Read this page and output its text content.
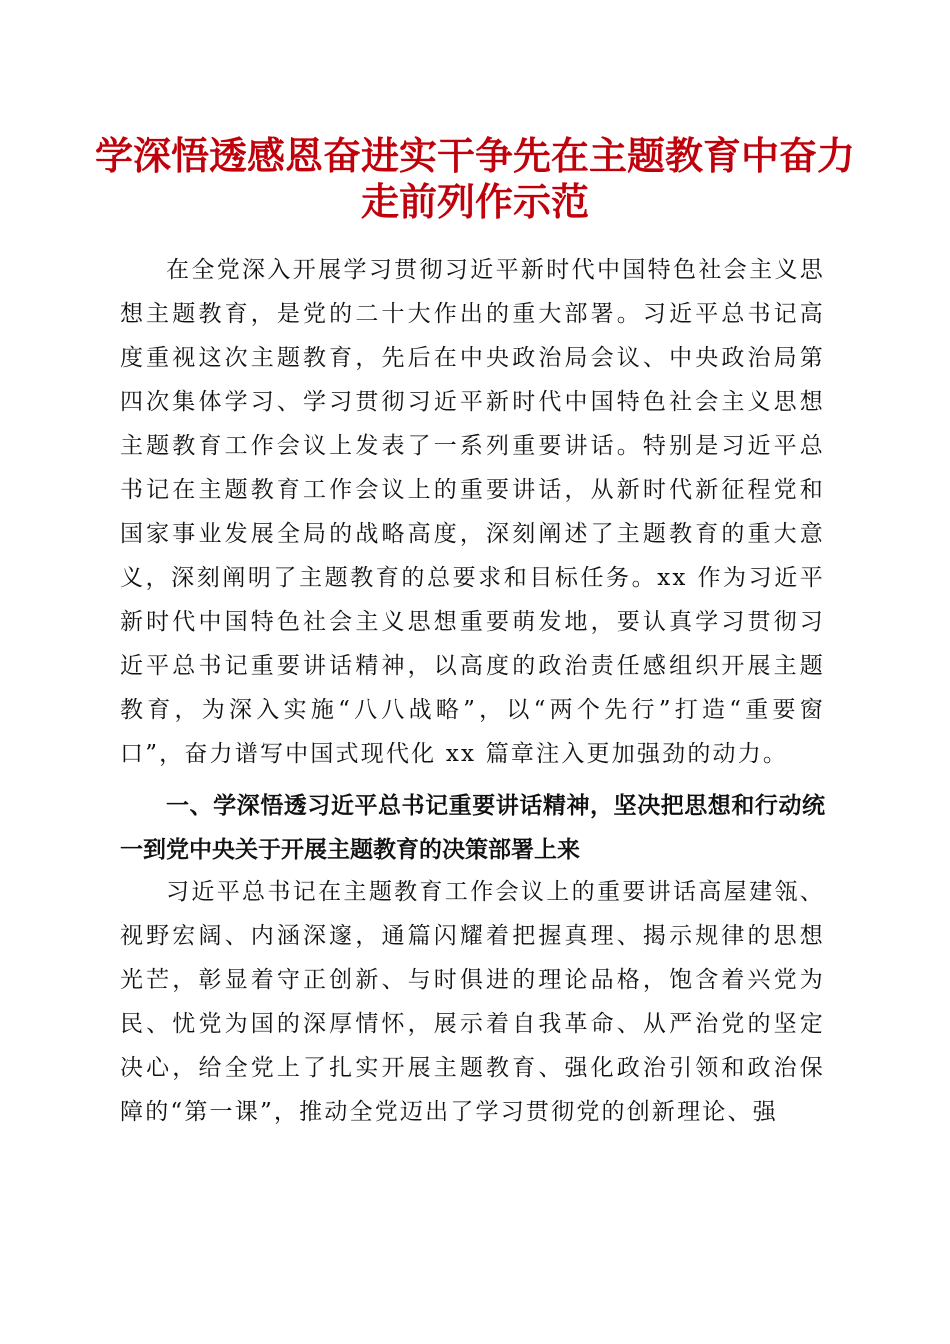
学深悟透感恩奋进实干争先在主题教育中奋力走前列作示范

在全党深入开展学习贯彻习近平新时代中国特色社会主义思想主题教育，是党的二十大作出的重大部署。习近平总书记高度重视这次主题教育，先后在中央政治局会议、中央政治局第四次集体学习、学习贯彻习近平新时代中国特色社会主义思想主题教育工作会议上发表了一系列重要讲话。特别是习近平总书记在主题教育工作会议上的重要讲话，从新时代新征程党和国家事业发展全局的战略高度，深刻阐述了主题教育的重大意义，深刻阐明了主题教育的总要求和目标任务。xx 作为习近平新时代中国特色社会主义思想重要萌发地，要认真学习贯彻习近平总书记重要讲话精神，以高度的政治责任感组织开展主题教育，为深入实施“八八战略”，以“两个先行”打造“重要窗口”，奋力谱写中国式现代化 xx 篇章注入更加强劲的动力。

一、学深悟透习近平总书记重要讲话精神，坚决把思想和行动统一到党中央关于开展主题教育的决策部署上来

习近平总书记在主题教育工作会议上的重要讲话高屋建瓴、视野宏阔、内涵深邃，通篇闪耀着把握真理、揭示规律的思想光芒，彰显着守正创新、与时俱进的理论品格，饱含着兴党为民、忧党为国的深厚情怀，展示着自我革命、从严治党的坚定决心，给全党上了扎实开展主题教育、强化政治引领和政治保障的“第一课”，推动全党迈出了学习贯彻党的创新理论、强
